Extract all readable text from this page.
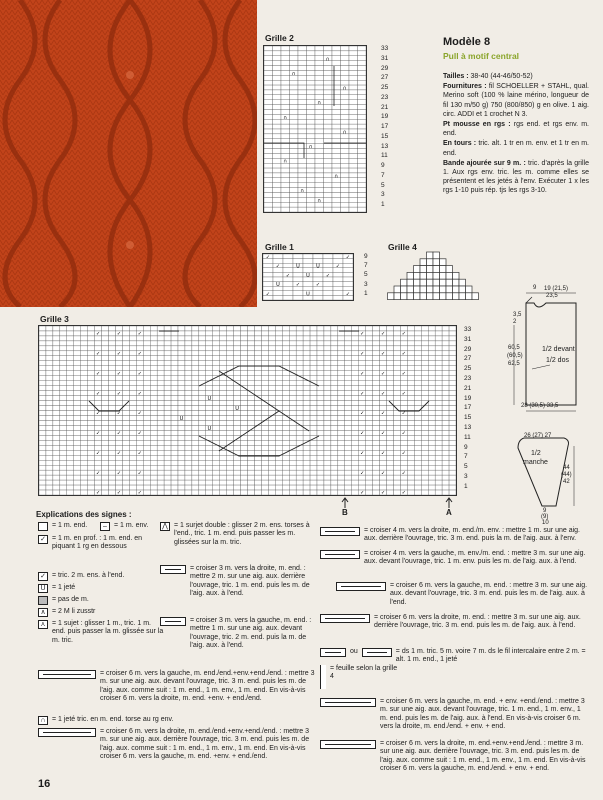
Grille 2
∩
∩
∩
∩
∩
∩
∩
∩
∩
∩
∩
33
31
29
27
25
23
21
19
17
15
13
11
9
7
5
3
1
Modèle 8
Pull à motif central

Tailles : 38-40 (44-46/50-52)

Fournitures : fil SCHOELLER + STAHL, qual. Merino soft (100 % laine mérino, longueur de fil 130 m/50 g) 750 (800/850) g en olive. 1 aig. circ. ADDI et 1 crochet N 3.

Pt mousse en rgs : rgs end. et rgs env. m. end.

En tours : tric. alt. 1 tr en m. env. et 1 tr en m. end.

Bande ajourée sur 9 m. : tric. d'après la grille 1. Aux rgs env. tric. les m. comme elles se présentent et les jetés à l'env. Exécuter 1 x les rgs 1-10 puis rép. tjs les rgs 3-10.

Grille 1
✓	✓
✓	✓
✓	✓
✓	✓
✓	✓
U	U
U
U
U
9
7
5
3
1
Grille 4
9 19 (21,5)
23,5
3,5
2
60,5
(60,5)
62,5
1/2 devant
1/2 dos
28 (30,5) 33,5
26 (27) 27
1/2
manche
44
(44)
42
9
(9)
10
Grille 3
✓
✓
✓
✓
✓
✓
✓
✓
✓
✓
✓
✓
✓
✓
✓
✓
✓
✓
✓
✓
✓
✓
✓
✓
✓
✓
✓
✓
✓
✓
✓
✓
✓
✓
✓
✓
✓
✓
✓
✓
✓
✓
✓
✓
✓
✓
✓
✓
✓
✓
✓
✓
✓
✓
U
U
U
U
33
31
29
27
25
23
21
19
17
15
13
11
9
7
5
3
1
B	A
Explications des signes :
= 1 m. end.	–	= 1 m. env.
✓ = 1 m. en prof. : 1 m. end. en piquant 1 rg en dessous
✓ = tric. 2 m. ens. à l'end.
U = 1 jeté
= pas de m.
∧ = 2 M li zusstr
⋏ = 1 sujet : glisser 1 m., tric. 1 m. end. puis passer la m. glissée sur la m. tric.
⋀ = 1 surjet double : glisser 2 m. ens. torses à l'end., tric. 1 m. end. puis passer les m. glissées sur la m. tric.
= croiser 3 m. vers la droite, m. end. : mettre 2 m. sur une aig. aux. derrière l'ouvrage, tric. 1 m. end. puis les m. de l'aig. aux. à l'end.
= croiser 3 m. vers la gauche, m. end. : mettre 1 m. sur une aig. aux. devant l'ouvrage, tric. 2 m. end. puis la m. de l'aig. aux. à l'end.
= croiser 6 m. vers la gauche, m. end./end.+env.+end./end. : mettre 3 m. sur une aig. aux. devant l'ouvrage, tric. 3 m. end. puis les m. de l'aig. aux. comme suit : 1 m. end., 1 m. env., 1 m. end. En vis-à-vis croiser 6 m. vers la droite, m. end. +env. + end./end.
∩ = 1 jeté tric. en m. end. torse au rg env.
= croiser 6 m. vers la droite, m. end./end.+env.+end./end. : mettre 3 m. sur une aig. aux. derrière l'ouvrage, tric. 3 m. end. puis les m. de l'aig. aux. comme suit : 1 m. end., 1 m. env., 1 m. end. En vis-à-vis croiser 6 m. vers la gauche, m. end. +env. + end./end.
= croiser 4 m. vers la droite, m. end./m. env. : mettre 1 m. sur une aig. aux. derrière l'ouvrage, tric. 3 m. end. puis la m. de l'aig. aux. à l'env.
= croiser 4 m. vers la gauche, m. env./m. end. : mettre 3 m. sur une aig. aux. devant l'ouvrage, tric. 1 m. env. puis les m. de l'aig. aux. à l'end.
= croiser 6 m. vers la gauche, m. end. : mettre 3 m. sur une aig. aux. devant l'ouvrage, tric. 3 m. end. puis les m. de l'aig. aux. à l'end.
= croiser 6 m. vers la droite, m. end. : mettre 3 m. sur une aig. aux. derrière l'ouvrage, tric. 3 m. end. puis les m. de l'aig. aux. à l'end.
ou	= ds 1 m. tric. 5 m. voire 7 m. ds le fil intercalaire entre 2 m. = alt. 1 m. end., 1 jeté
= feuille selon la grille 4
= croiser 6 m. vers la gauche, m. end. + env. +end./end. : mettre 3 m. sur une aig. aux. devant l'ouvrage, tric. 1 m. end., 1 m. env., 1 m. end. puis les m. de l'aig. aux. à l'end. En vis-à-vis croiser 6 m. vers la droite, m. end./end. + env. + end.
= croiser 6 m. vers la droite, m. end.+env.+end./end. : mettre 3 m. sur une aig. aux. derrière l'ouvrage, tric. 3 m. end. puis les m. de l'aig. aux. comme suit : 1 m. end., 1 m. env., 1 m. end. En vis-à-vis croiser 6 m. vers la gauche, m. end./end. + env. + end.
16
